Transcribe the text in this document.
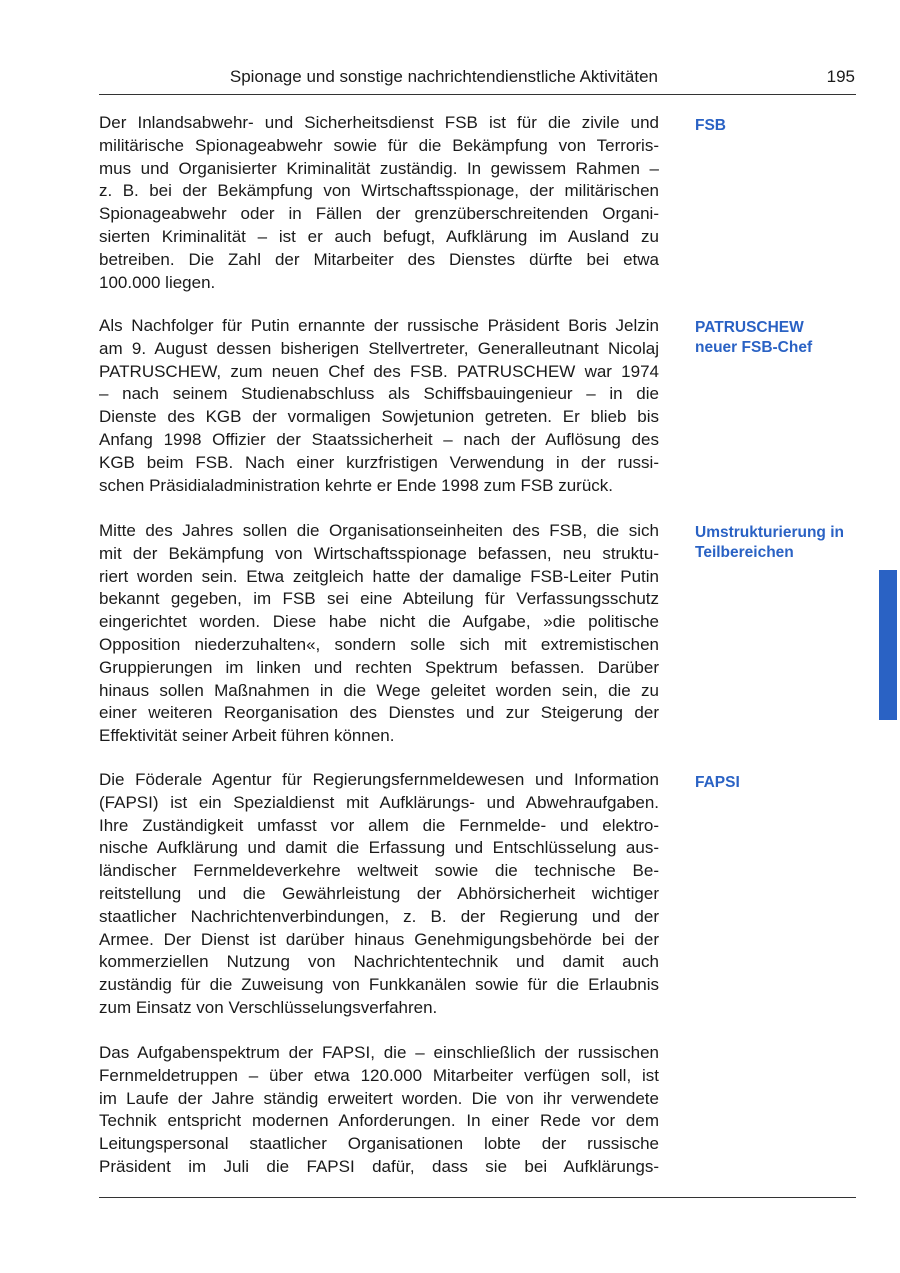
Spionage und sonstige nachrichtendienstliche Aktivitäten	195
Der Inlandsabwehr- und Sicherheitsdienst FSB ist für die zivile und
militärische Spionageabwehr sowie für die Bekämpfung von Terroris-
mus und Organisierter Kriminalität zuständig. In gewissem Rahmen –
z. B. bei der Bekämpfung von Wirtschaftsspionage, der militärischen
Spionageabwehr oder in Fällen der grenzüberschreitenden Organi-
sierten Kriminalität – ist er auch befugt, Aufklärung im Ausland zu
betreiben. Die Zahl der Mitarbeiter des Dienstes dürfte bei etwa
100.000 liegen.
Als Nachfolger für Putin ernannte der russische Präsident Boris Jelzin
am 9. August dessen bisherigen Stellvertreter, Generalleutnant Nicolaj
PATRUSCHEW, zum neuen Chef des FSB. PATRUSCHEW war 1974
– nach seinem Studienabschluss als Schiffsbauingenieur – in die
Dienste des KGB der vormaligen Sowjetunion getreten. Er blieb bis
Anfang 1998 Offizier der Staatssicherheit – nach der Auflösung des
KGB beim FSB. Nach einer kurzfristigen Verwendung in der russi-
schen Präsidialadministration kehrte er Ende 1998 zum FSB zurück.
Mitte des Jahres sollen die Organisationseinheiten des FSB, die sich
mit der Bekämpfung von Wirtschaftsspionage befassen, neu struktu-
riert worden sein. Etwa zeitgleich hatte der damalige FSB-Leiter Putin
bekannt gegeben, im FSB sei eine Abteilung für Verfassungsschutz
eingerichtet worden. Diese habe nicht die Aufgabe, »die politische
Opposition niederzuhalten«, sondern solle sich mit extremistischen
Gruppierungen im linken und rechten Spektrum befassen. Darüber
hinaus sollen Maßnahmen in die Wege geleitet worden sein, die zu
einer weiteren Reorganisation des Dienstes und zur Steigerung der
Effektivität seiner Arbeit führen können.
Die Föderale Agentur für Regierungsfernmeldewesen und Information
(FAPSI) ist ein Spezialdienst mit Aufklärungs- und Abwehraufgaben.
Ihre Zuständigkeit umfasst vor allem die Fernmelde- und elektro-
nische Aufklärung und damit die Erfassung und Entschlüsselung aus-
ländischer Fernmeldeverkehre weltweit sowie die technische Be-
reitstellung und die Gewährleistung der Abhörsicherheit wichtiger
staatlicher Nachrichtenverbindungen, z. B. der Regierung und der
Armee. Der Dienst ist darüber hinaus Genehmigungsbehörde bei der
kommerziellen Nutzung von Nachrichtentechnik und damit auch
zuständig für die Zuweisung von Funkkanälen sowie für die Erlaubnis
zum Einsatz von Verschlüsselungsverfahren.
Das Aufgabenspektrum der FAPSI, die – einschließlich der russischen
Fernmeldetruppen – über etwa 120.000 Mitarbeiter verfügen soll, ist
im Laufe der Jahre ständig erweitert worden. Die von ihr verwendete
Technik entspricht modernen Anforderungen. In einer Rede vor dem
Leitungspersonal staatlicher Organisationen lobte der russische
Präsident im Juli die FAPSI dafür, dass sie bei Aufklärungs-
FSB
PATRUSCHEW
neuer FSB-Chef
Umstrukturierung in
Teilbereichen
FAPSI
